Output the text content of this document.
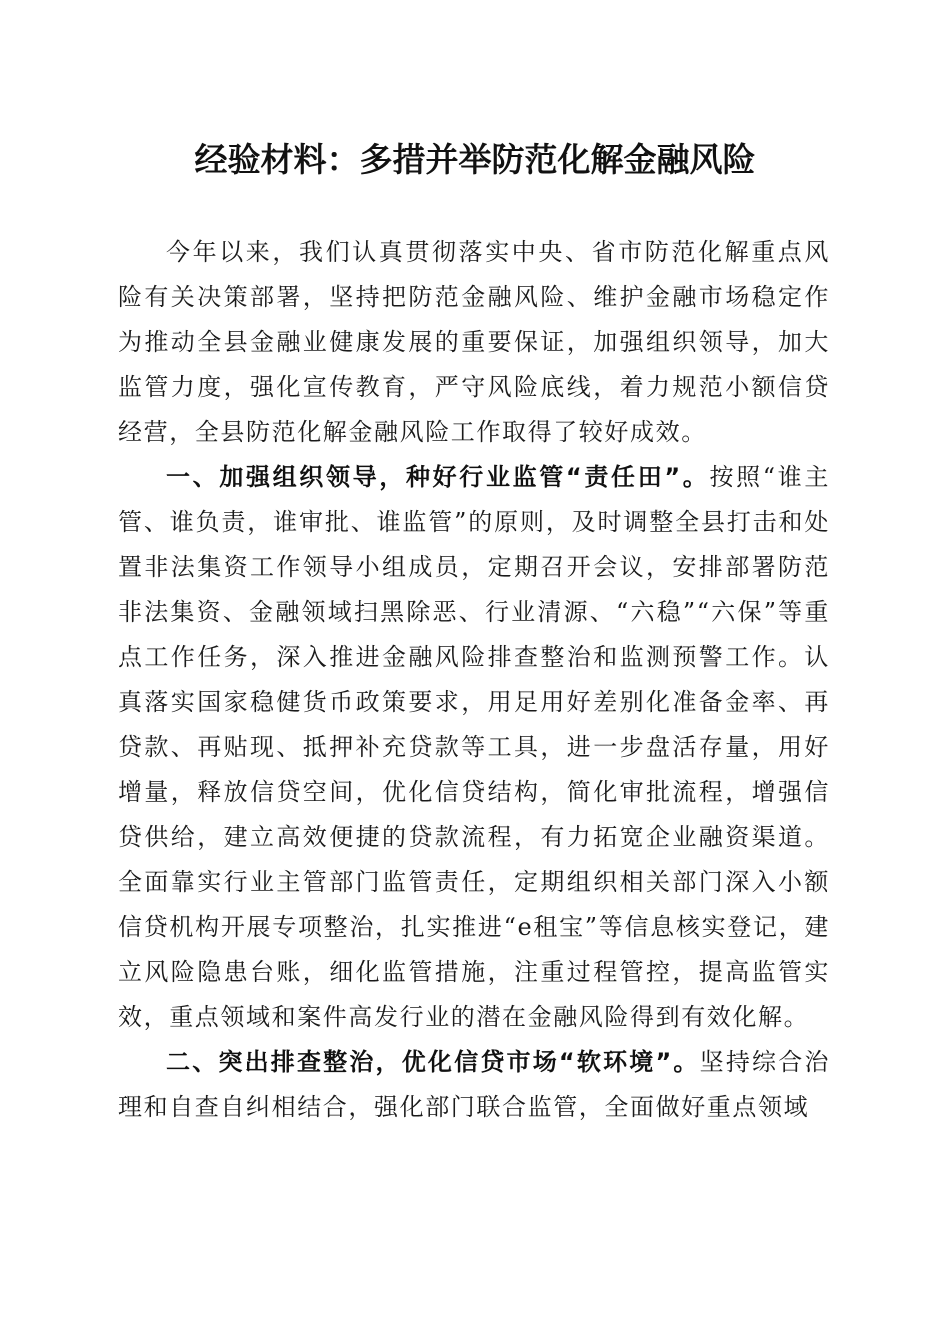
经验材料：多措并举防范化解金融风险

今年以来，我们认真贯彻落实中央、省市防范化解重点风险有关决策部署，坚持把防范金融风险、维护金融市场稳定作为推动全县金融业健康发展的重要保证，加强组织领导，加大监管力度，强化宣传教育，严守风险底线，着力规范小额信贷经营，全县防范化解金融风险工作取得了较好成效。

一、加强组织领导，种好行业监管“责任田”。按照“谁主管、谁负责，谁审批、谁监管”的原则，及时调整全县打击和处置非法集资工作领导小组成员，定期召开会议，安排部署防范非法集资、金融领域扫黑除恶、行业清源、“六稳”“六保”等重点工作任务，深入推进金融风险排查整治和监测预警工作。认真落实国家稳健货币政策要求，用足用好差别化准备金率、再贷款、再贴现、抵押补充贷款等工具，进一步盘活存量，用好增量，释放信贷空间，优化信贷结构，简化审批流程，增强信贷供给，建立高效便捷的贷款流程，有力拓宽企业融资渠道。全面靠实行业主管部门监管责任，定期组织相关部门深入小额信贷机构开展专项整治，扎实推进“e租宝”等信息核实登记，建立风险隐患台账，细化监管措施，注重过程管控，提高监管实效，重点领域和案件高发行业的潜在金融风险得到有效化解。

二、突出排查整治，优化信贷市场“软环境”。坚持综合治理和自查自纠相结合，强化部门联合监管，全面做好重点领域
